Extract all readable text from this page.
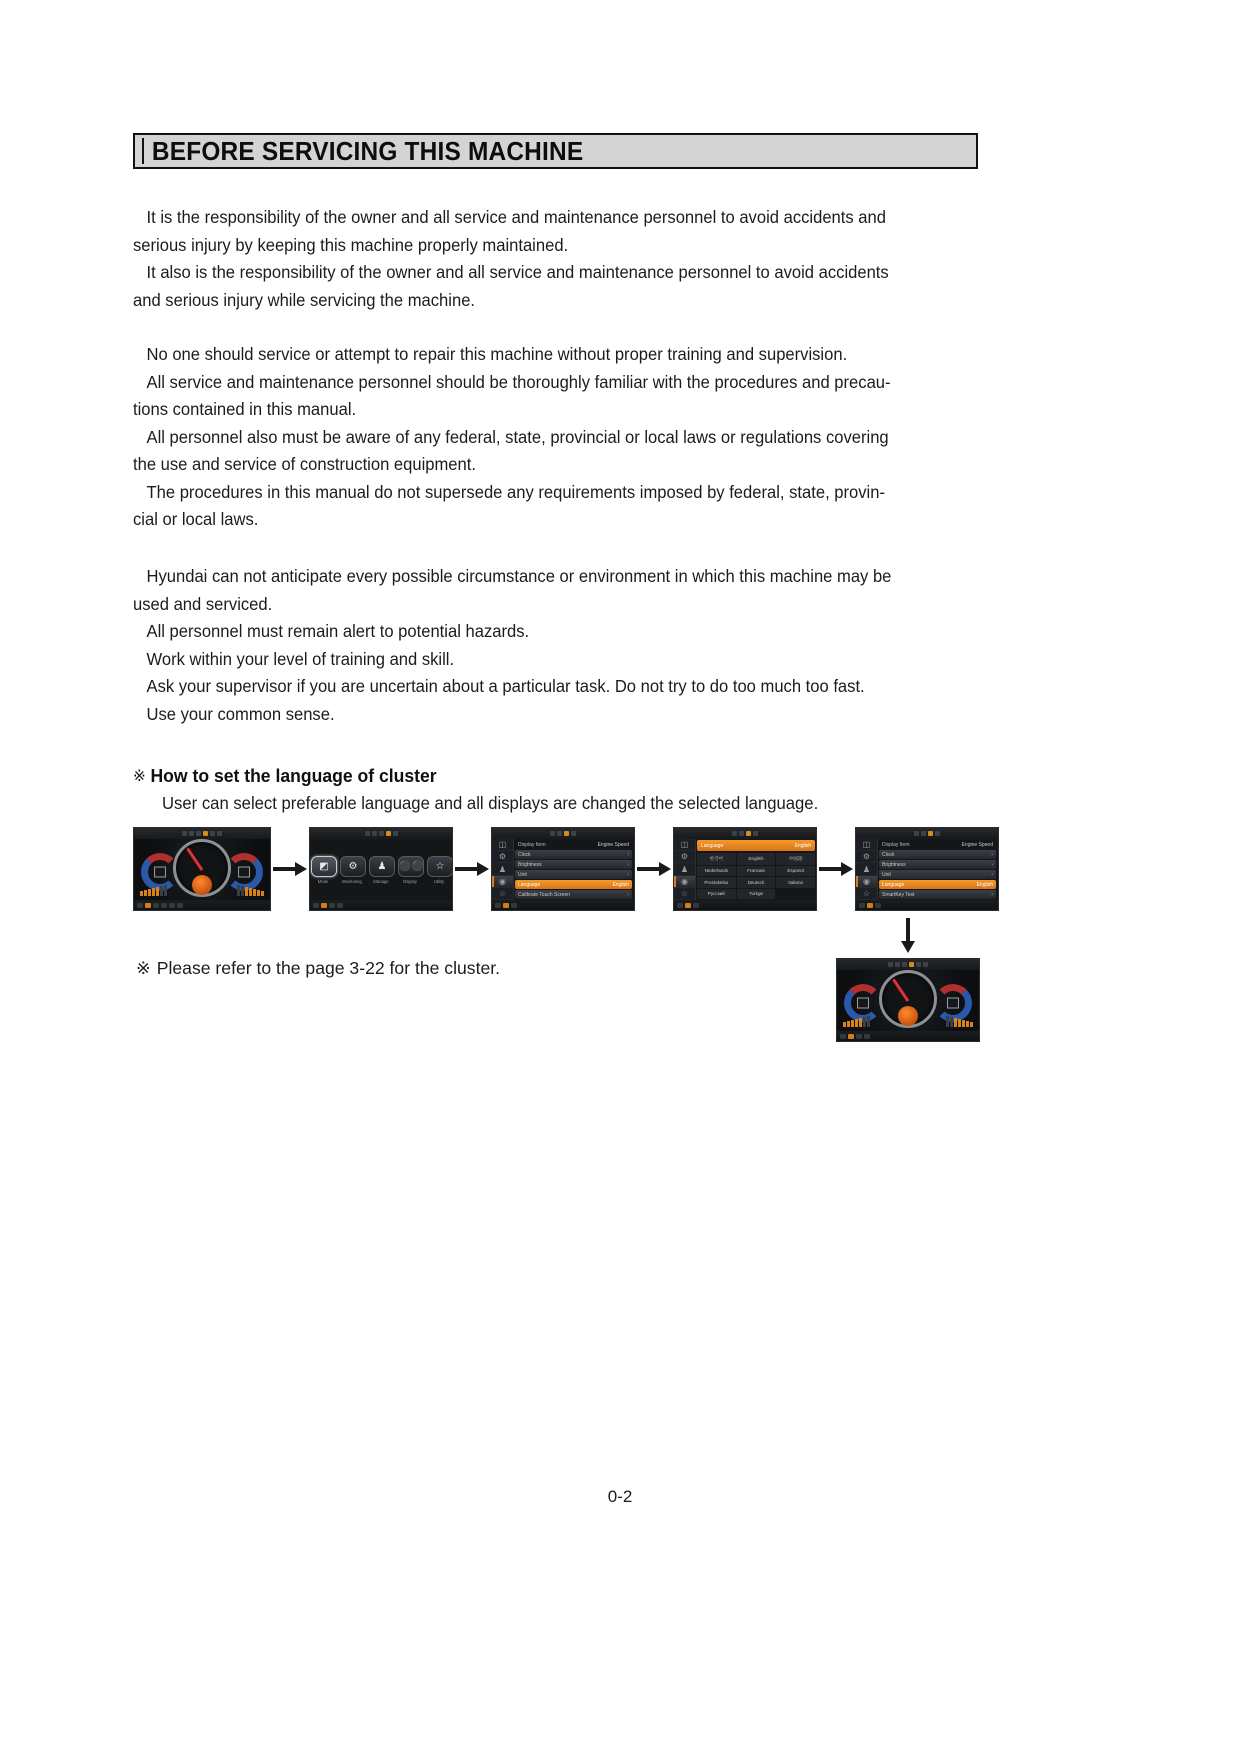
BEFORE SERVICING THIS MACHINE

It is the responsibility of the owner and all service and maintenance personnel to avoid accidents and

serious injury by keeping this machine properly maintained.

It also is the responsibility of the owner and all service and maintenance personnel to avoid accidents

and serious injury while servicing the machine.

No one should service or attempt to repair this machine without proper training and supervision.

All service and maintenance personnel should be thoroughly familiar with the procedures and precau-

tions contained in this manual.

All personnel also must be aware of any federal, state, provincial or local laws or regulations covering

the use and service of construction equipment.

The procedures in this manual do not supersede any requirements imposed by federal, state, provin-

cial or local laws.

Hyundai can not anticipate every possible circumstance or environment in which this machine may be

used and serviced.

All personnel must remain alert to potential hazards.

Work within your level of training and skill.

Ask your supervisor if you are uncertain about a particular task. Do not try to do too much too fast.

Use your common sense.

※ How to set the language of cluster
User can select preferable language and all displays are changed the selected language.
◩
Mode
⚙
Monitoring
♟
Manage
⚫⚫
Display
☆
Utility
◫
⚙
♟
◉
☆
Display Item	Engine Speed
Clock	›
Brightness	›
Unit	›
Language	English
Calibrate Touch Screen	›
◫
⚙
♟
◉
☆
Language	English
한국어	English	中国語
Nederlands	Francais	Espanol
Prostokelso	Deutsch	Italiano
Русский	Turkge
◫
⚙
♟
◉
☆
Display Item	Engine Speed
Clock	›
Brightness	›
Unit	›
Language	English
SmartKey Test	›
※ Please refer to the page 3-22 for the cluster.
0-2
